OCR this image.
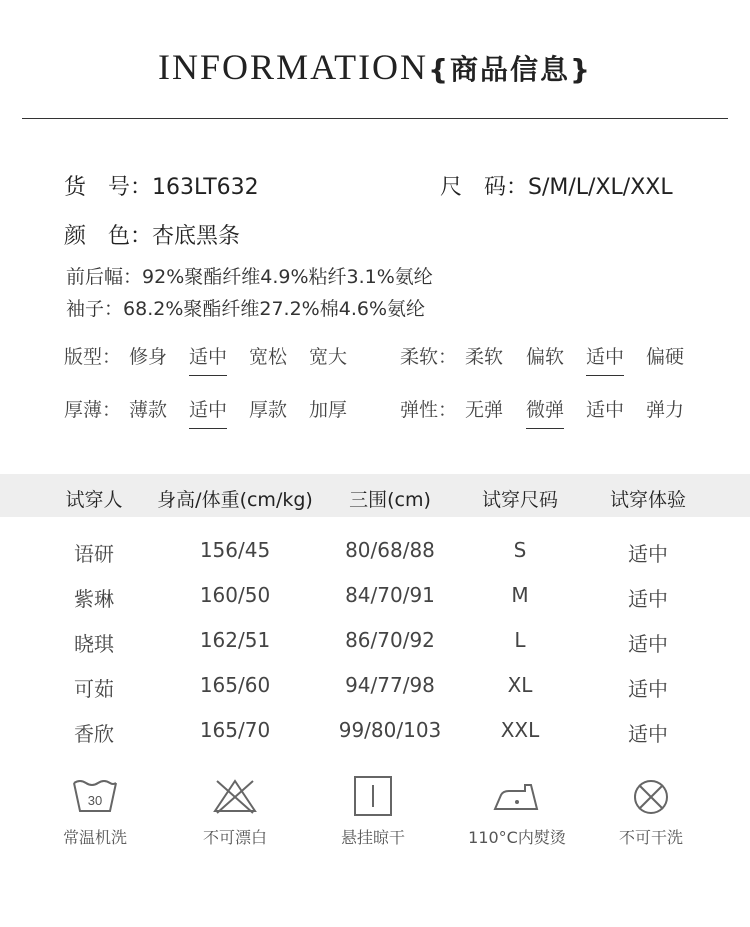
INFORMATION{商品信息}
货　号：163LT632	尺　码：S/M/L/XL/XXL
颜　色：杏底黑条
前后幅：92%聚酯纤维4.9%粘纤3.1%氨纶
袖子：68.2%聚酯纤维27.2%棉4.6%氨纶
版型： 修身 适中 宽松 宽大	柔软： 柔软 偏软 适中 偏硬
厚薄： 薄款 适中 厚款 加厚	弹性： 无弹 微弹 适中 弹力
试穿人	身高/体重(cm/kg)	三围(cm)	试穿尺码	试穿体验
语研	156/45	80/68/88	S	适中
紫琳	160/50	84/70/91	M	适中
晓琪	162/51	86/70/92	L	适中
可茹	165/60	94/77/98	XL	适中
香欣	165/70	99/80/103	XXL	适中
30
常温机洗	不可漂白	悬挂晾干	110°C内熨烫	不可干洗
